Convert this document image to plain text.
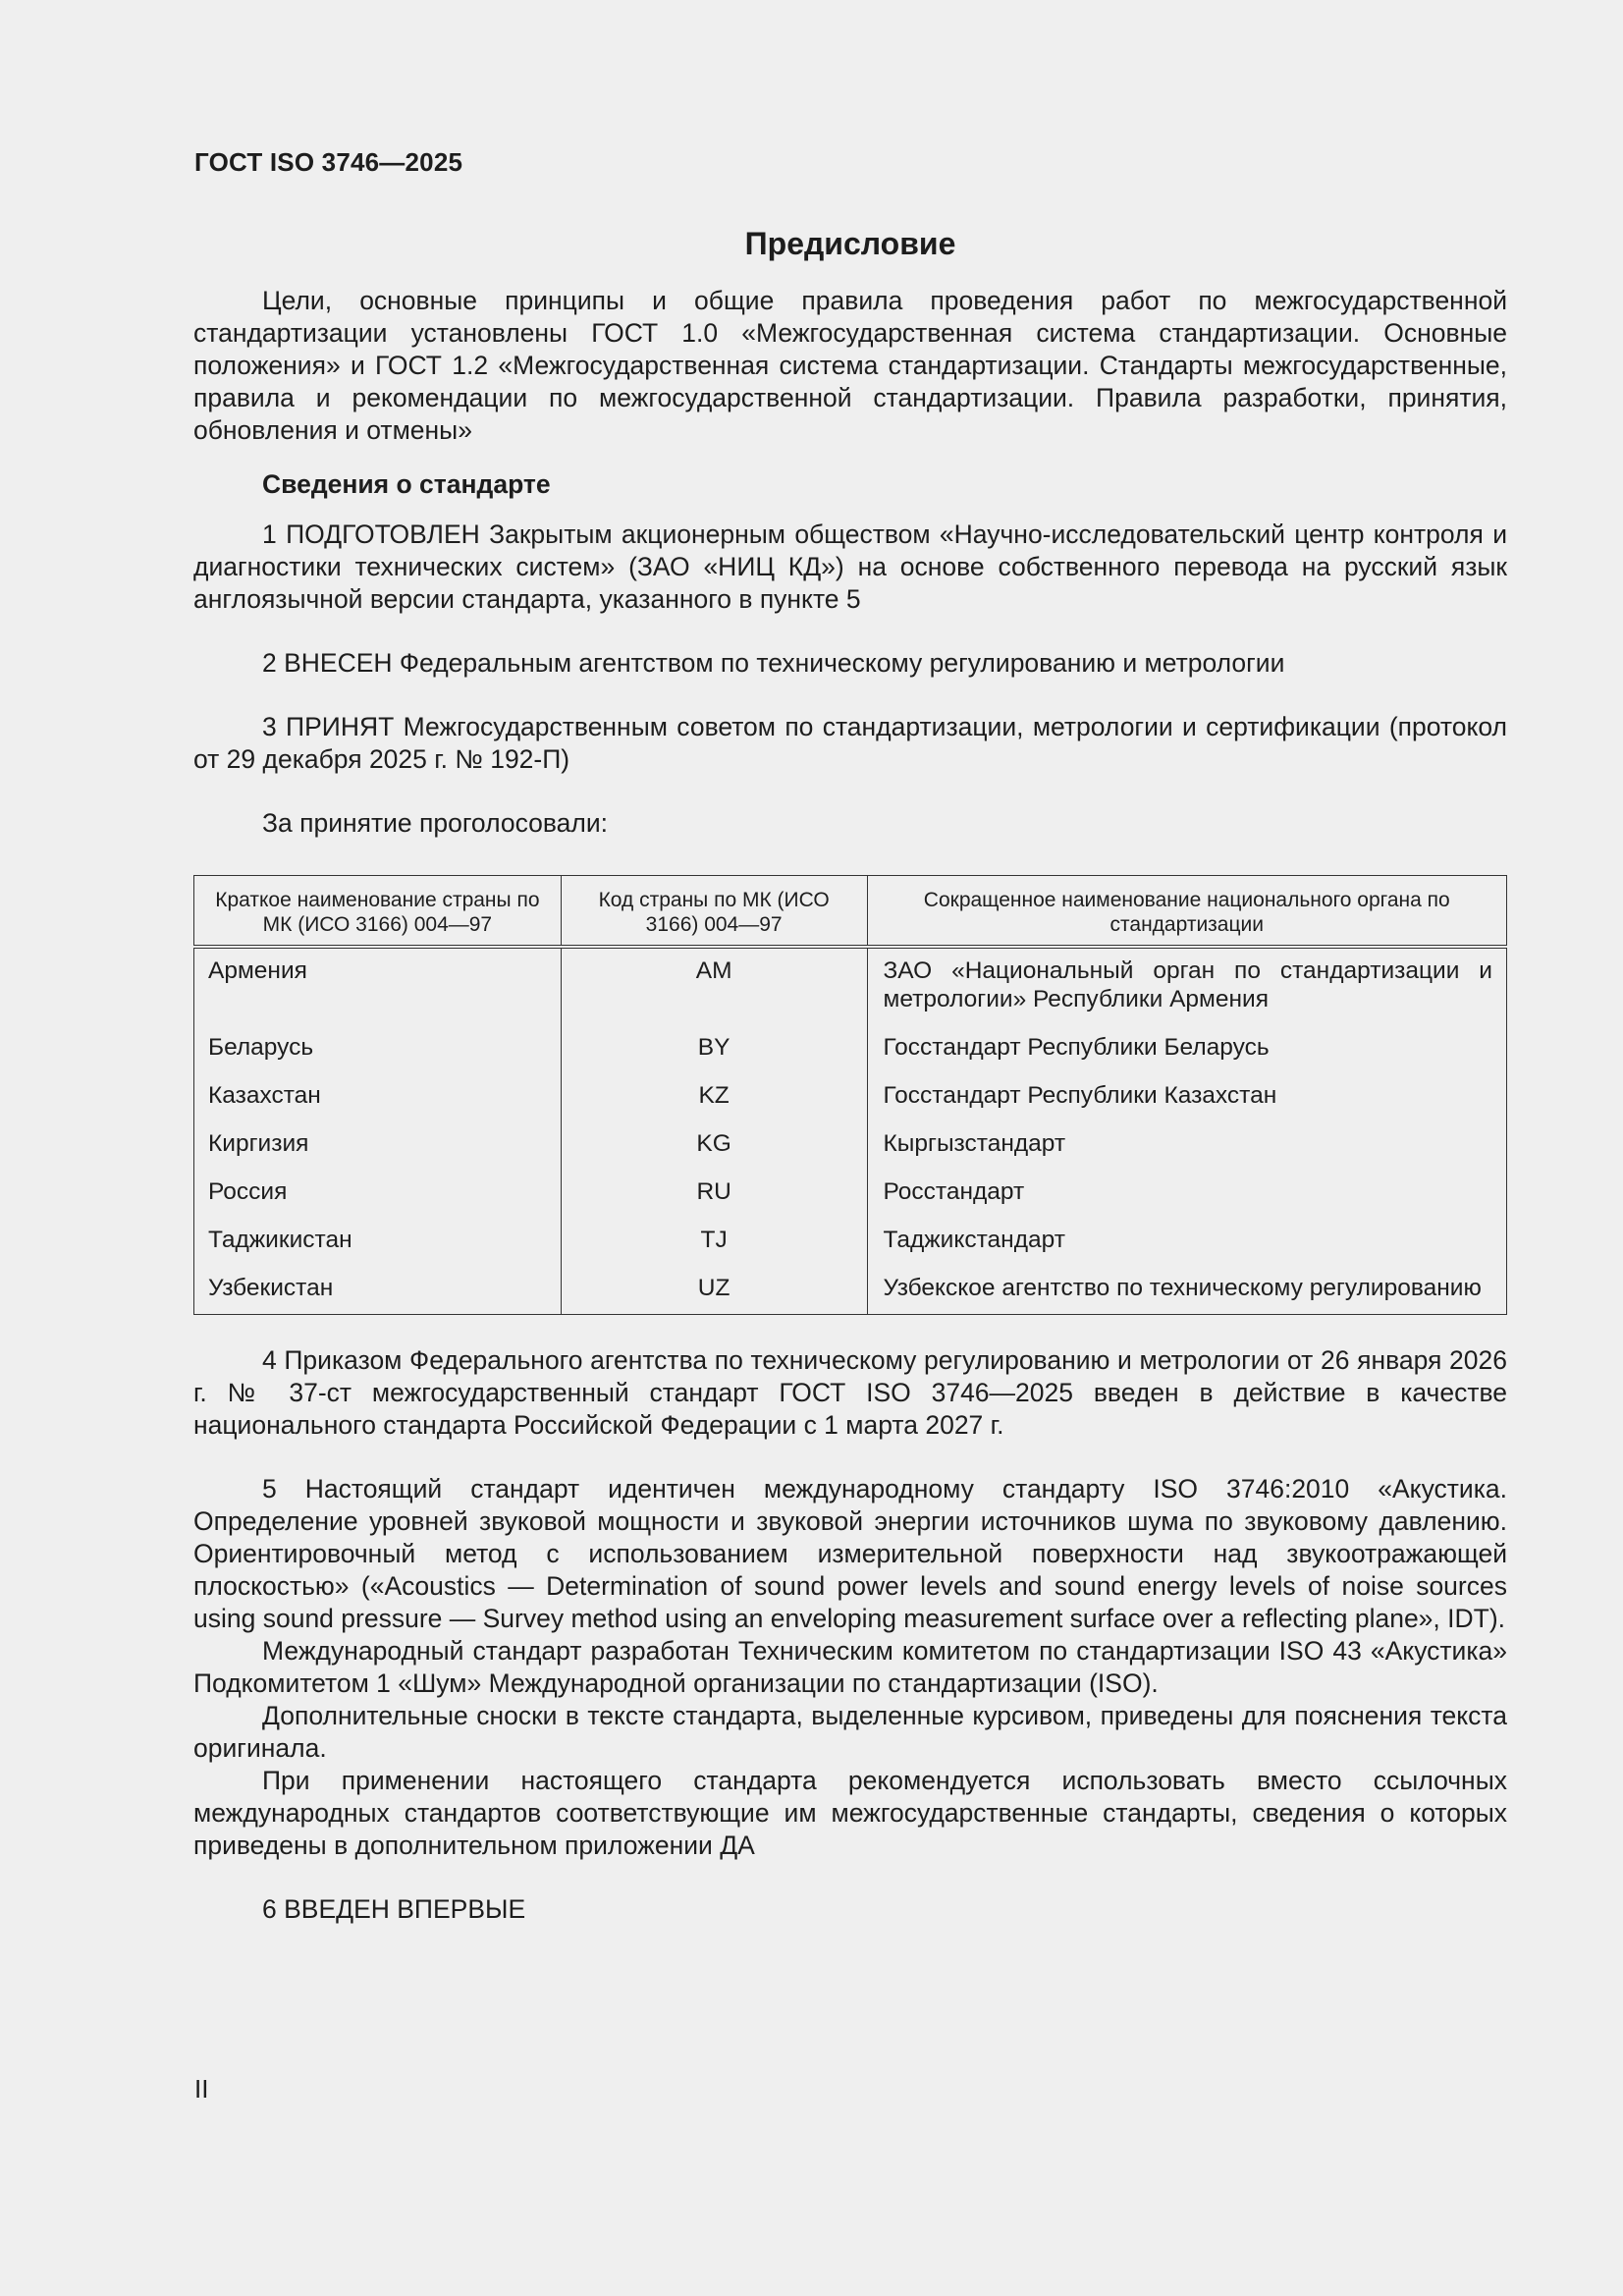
ГОСТ ISO 3746—2025
Предисловие

Цели, основные принципы и общие правила проведения работ по межгосударственной стандартизации установлены ГОСТ 1.0 «Межгосударственная система стандартизации. Основные положения» и ГОСТ 1.2 «Межгосударственная система стандартизации. Стандарты межгосударственные, правила и рекомендации по межгосударственной стандартизации. Правила разработки, принятия, обновления и отмены»

Сведения о стандарте

1 ПОДГОТОВЛЕН Закрытым акционерным обществом «Научно-исследовательский центр контроля и диагностики технических систем» (ЗАО «НИЦ КД») на основе собственного перевода на русский язык англоязычной версии стандарта, указанного в пункте 5

2 ВНЕСЕН Федеральным агентством по техническому регулированию и метрологии

3 ПРИНЯТ Межгосударственным советом по стандартизации, метрологии и сертификации (протокол от 29 декабря 2025 г. № 192-П)

За принятие проголосовали:

Краткое наименование страны по МК (ИСО 3166) 004—97	Код страны по МК (ИСО 3166) 004—97	Сокращенное наименование национального органа по стандартизации
Армения	AM	ЗАО «Национальный орган по стандартизации и метрологии» Республики Армения
Беларусь	BY	Госстандарт Республики Беларусь
Казахстан	KZ	Госстандарт Республики Казахстан
Киргизия	KG	Кыргызстандарт
Россия	RU	Росстандарт
Таджикистан	TJ	Таджикстандарт
Узбекистан	UZ	Узбекское агентство по техническому регулированию

4 Приказом Федерального агентства по техническому регулированию и метрологии от 26 января 2026 г. № 37-ст межгосударственный стандарт ГОСТ ISO 3746—2025 введен в действие в качестве национального стандарта Российской Федерации с 1 марта 2027 г.

5 Настоящий стандарт идентичен международному стандарту ISO 3746:2010 «Акустика. Определение уровней звуковой мощности и звуковой энергии источников шума по звуковому давлению. Ориентировочный метод с использованием измерительной поверхности над звукоотражающей плоскостью» («Acoustics — Determination of sound power levels and sound energy levels of noise sources using sound pressure — Survey method using an enveloping measurement surface over a reflecting plane», IDT).

Международный стандарт разработан Техническим комитетом по стандартизации ISO 43 «Акустика» Подкомитетом 1 «Шум» Международной организации по стандартизации (ISO).

Дополнительные сноски в тексте стандарта, выделенные курсивом, приведены для пояснения текста оригинала.

При применении настоящего стандарта рекомендуется использовать вместо ссылочных международных стандартов соответствующие им межгосударственные стандарты, сведения о которых приведены в дополнительном приложении ДА

6 ВВЕДЕН ВПЕРВЫЕ

II
